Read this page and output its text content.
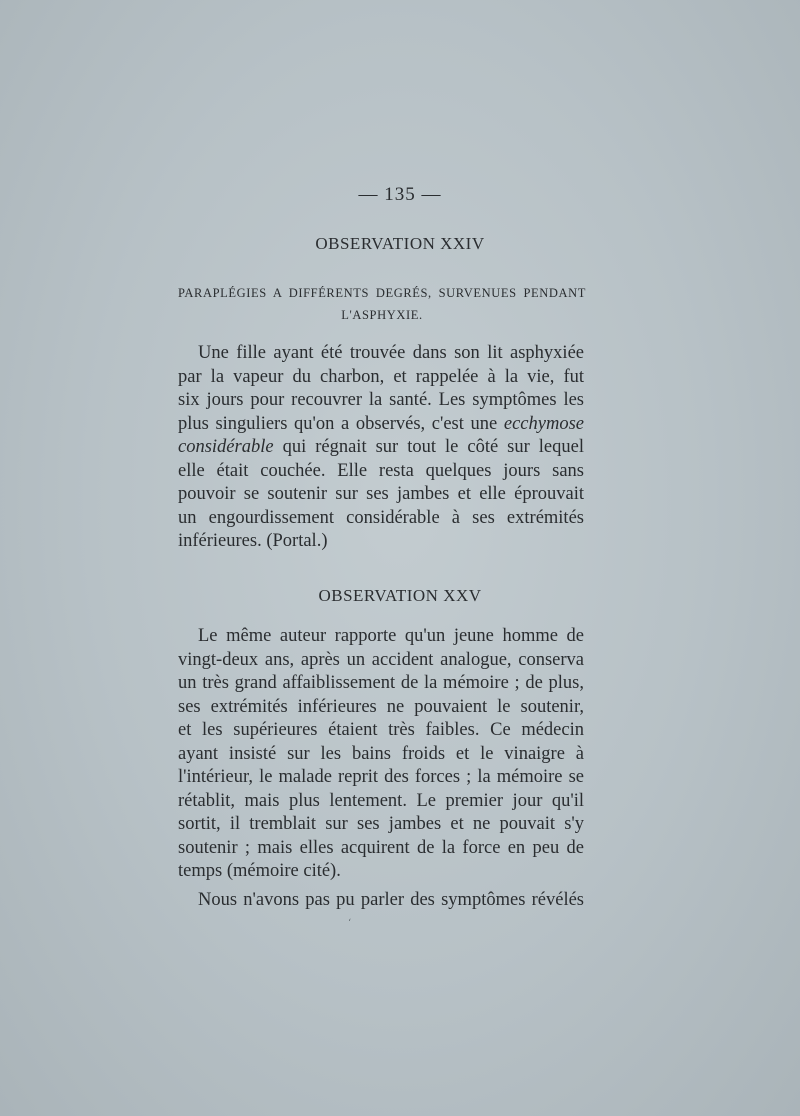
— 135 —
OBSERVATION XXIV
PARAPLÉGIES A DIFFÉRENTS DEGRÉS, SURVENUES PENDANT
L'ASPHYXIE.
Une fille ayant été trouvée dans son lit asphyxiée
par la vapeur du charbon, et rappelée à la vie, fut
six jours pour recouvrer la santé. Les symptômes les
plus singuliers qu'on a observés, c'est une ecchymose
considérable qui régnait sur tout le côté sur lequel
elle était couchée. Elle resta quelques jours sans
pouvoir se soutenir sur ses jambes et elle éprouvait
un engourdissement considérable à ses extrémités
inférieures. (Portal.)
OBSERVATION XXV
Le même auteur rapporte qu'un jeune homme de
vingt-deux ans, après un accident analogue, conserva
un très grand affaiblissement de la mémoire ; de plus,
ses extrémités inférieures ne pouvaient le soutenir,
et les supérieures étaient très faibles. Ce médecin
ayant insisté sur les bains froids et le vinaigre à
l'intérieur, le malade reprit des forces ; la mémoire se
rétablit, mais plus lentement. Le premier jour qu'il
sortit, il tremblait sur ses jambes et ne pouvait s'y
soutenir ; mais elles acquirent de la force en peu de
temps (mémoire cité).
Nous n'avons pas pu parler des symptômes révélés
‘
